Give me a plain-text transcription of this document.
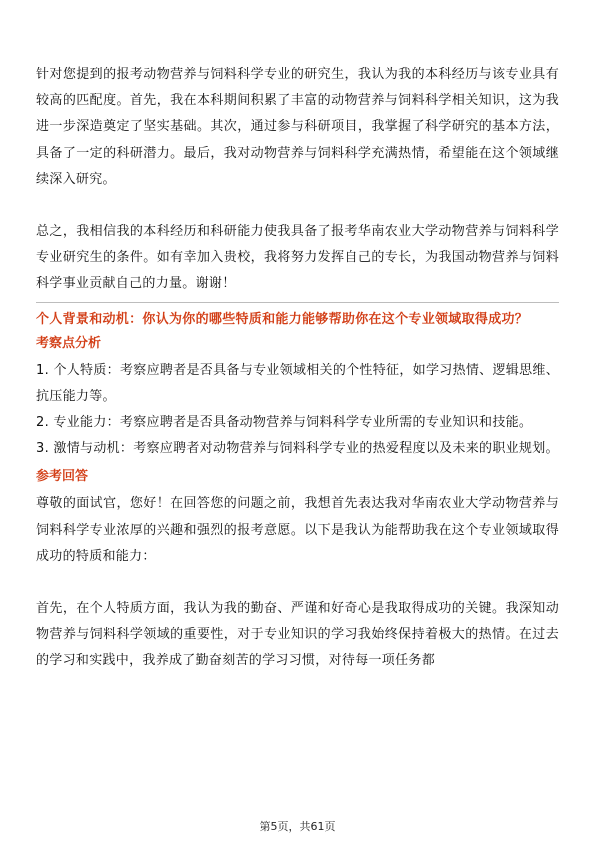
针对您提到的报考动物营养与饲料科学专业的研究生，我认为我的本科经历与该专业具有较高的匹配度。首先，我在本科期间积累了丰富的动物营养与饲料科学相关知识，这为我进一步深造奠定了坚实基础。其次，通过参与科研项目，我掌握了科学研究的基本方法，具备了一定的科研潜力。最后，我对动物营养与饲料科学充满热情，希望能在这个领域继续深入研究。

总之，我相信我的本科经历和科研能力使我具备了报考华南农业大学动物营养与饲料科学专业研究生的条件。如有幸加入贵校，我将努力发挥自己的专长，为我国动物营养与饲料科学事业贡献自己的力量。谢谢！

个人背景和动机：你认为你的哪些特质和能力能够帮助你在这个专业领域取得成功？

考察点分析

1. 个人特质：考察应聘者是否具备与专业领域相关的个性特征，如学习热情、逻辑思维、抗压能力等。

2. 专业能力：考察应聘者是否具备动物营养与饲料科学专业所需的专业知识和技能。

3. 激情与动机：考察应聘者对动物营养与饲料科学专业的热爱程度以及未来的职业规划。

参考回答

尊敬的面试官，您好！在回答您的问题之前，我想首先表达我对华南农业大学动物营养与饲料科学专业浓厚的兴趣和强烈的报考意愿。以下是我认为能帮助我在这个专业领域取得成功的特质和能力：

首先，在个人特质方面，我认为我的勤奋、严谨和好奇心是我取得成功的关键。我深知动物营养与饲料科学领域的重要性，对于专业知识的学习我始终保持着极大的热情。在过去的学习和实践中，我养成了勤奋刻苦的学习习惯，对待每一项任务都

第5页，共61页
